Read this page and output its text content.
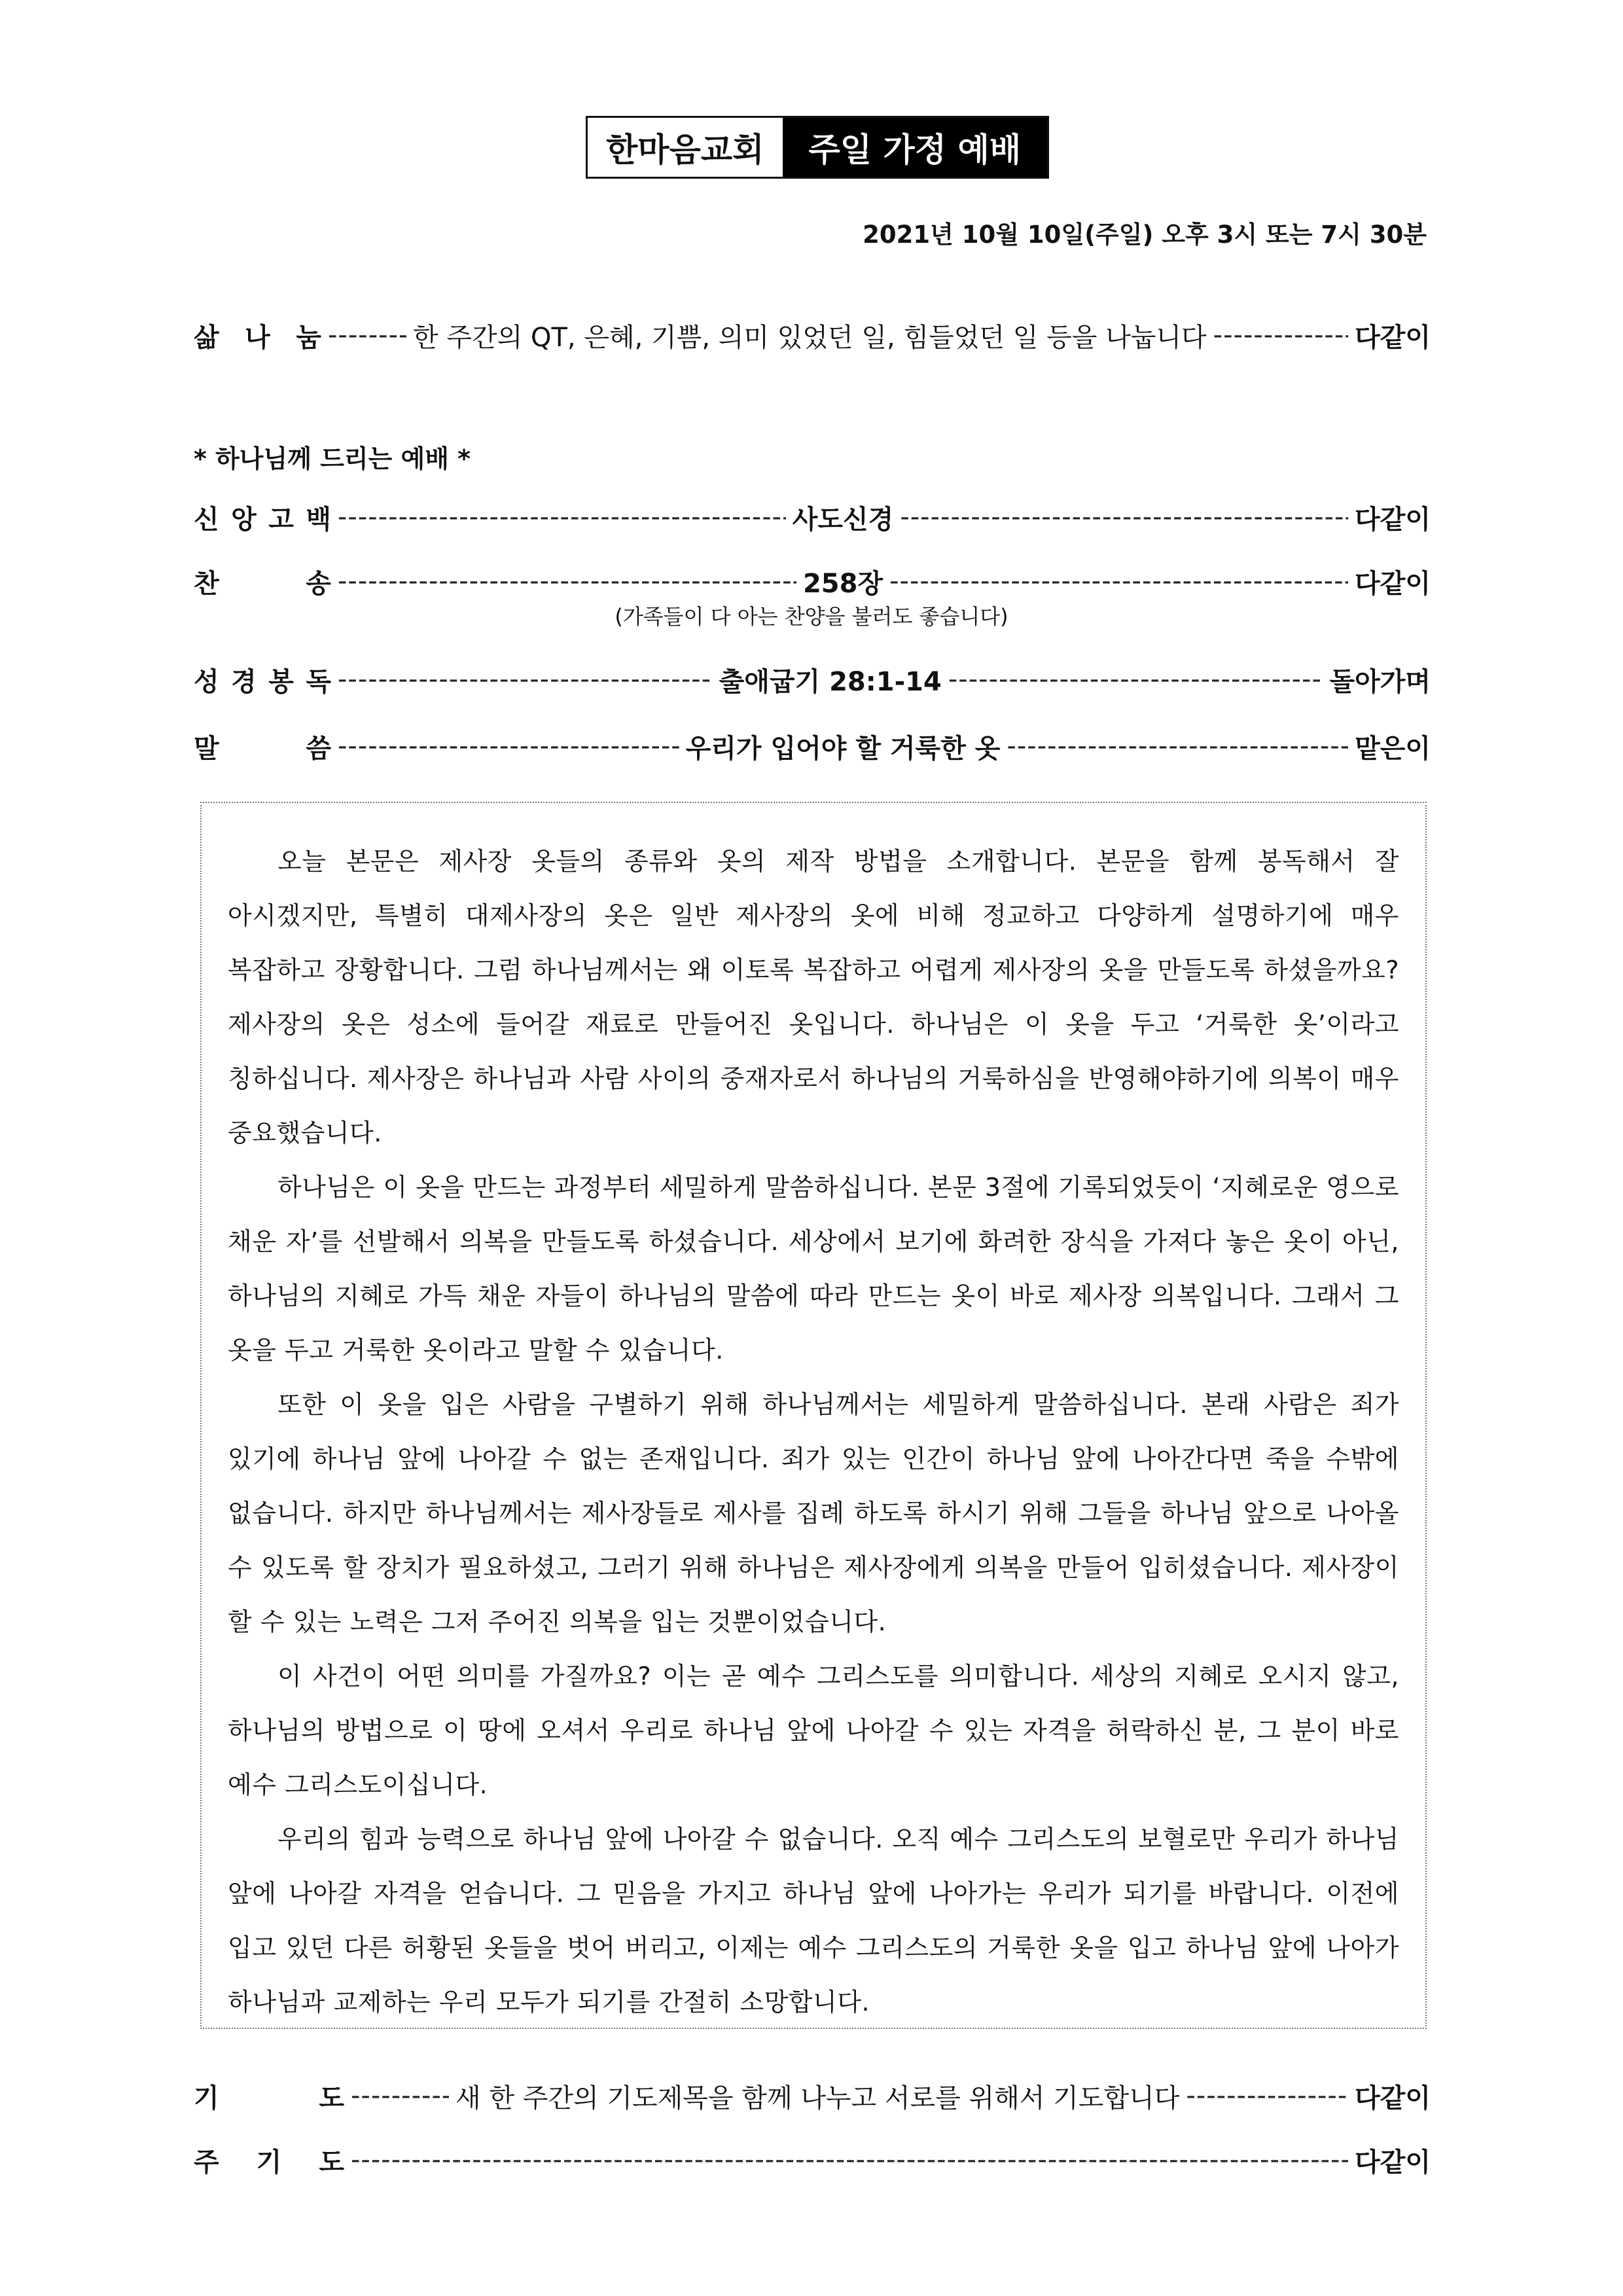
한마음교회	주일 가정 예배
2021년 10월 10일(주일) 오후 3시 또는 7시 30분
삶 나 눔 -----	한 주간의 QT, 은혜, 기쁨, 의미 있었던 일, 힘들었던 일 등을 나눕니다 -----	다같이
* 하나님께 드리는 예배 *
신 앙 고 백 -----	사도신경 -----	다같이
찬	송 -----	258장 -----	다같이
(가족들이 다 아는 찬양을 불러도 좋습니다)
성 경 봉 독 -----	출애굽기 28:1-14 -----	돌아가며
말	씀 -----	우리가 입어야 할 거룩한 옷 -----	맡은이

오늘 본문은 제사장 옷들의 종류와 옷의 제작 방법을 소개합니다. 본문을 함께 봉독해서 잘 아시겠지만, 특별히 대제사장의 옷은 일반 제사장의 옷에 비해 정교하고 다양하게 설명하기에 매우 복잡하고 장황합니다. 그럼 하나님께서는 왜 이토록 복잡하고 어렵게 제사장의 옷을 만들도록 하셨을까요? 제사장의 옷은 성소에 들어갈 재료로 만들어진 옷입니다. 하나님은 이 옷을 두고 ‘거룩한 옷’이라고 칭하십니다. 제사장은 하나님과 사람 사이의 중재자로서 하나님의 거룩하심을 반영해야하기에 의복이 매우 중요했습니다.

하나님은 이 옷을 만드는 과정부터 세밀하게 말씀하십니다. 본문 3절에 기록되었듯이 ‘지혜로운 영으로 채운 자’를 선발해서 의복을 만들도록 하셨습니다. 세상에서 보기에 화려한 장식을 가져다 놓은 옷이 아닌, 하나님의 지혜로 가득 채운 자들이 하나님의 말씀에 따라 만드는 옷이 바로 제사장 의복입니다. 그래서 그 옷을 두고 거룩한 옷이라고 말할 수 있습니다.

또한 이 옷을 입은 사람을 구별하기 위해 하나님께서는 세밀하게 말씀하십니다. 본래 사람은 죄가 있기에 하나님 앞에 나아갈 수 없는 존재입니다. 죄가 있는 인간이 하나님 앞에 나아간다면 죽을 수밖에 없습니다. 하지만 하나님께서는 제사장들로 제사를 집례 하도록 하시기 위해 그들을 하나님 앞으로 나아올 수 있도록 할 장치가 필요하셨고, 그러기 위해 하나님은 제사장에게 의복을 만들어 입히셨습니다. 제사장이 할 수 있는 노력은 그저 주어진 의복을 입는 것뿐이었습니다.

이 사건이 어떤 의미를 가질까요? 이는 곧 예수 그리스도를 의미합니다. 세상의 지혜로 오시지 않고, 하나님의 방법으로 이 땅에 오셔서 우리로 하나님 앞에 나아갈 수 있는 자격을 허락하신 분, 그 분이 바로 예수 그리스도이십니다.

우리의 힘과 능력으로 하나님 앞에 나아갈 수 없습니다. 오직 예수 그리스도의 보혈로만 우리가 하나님 앞에 나아갈 자격을 얻습니다. 그 믿음을 가지고 하나님 앞에 나아가는 우리가 되기를 바랍니다. 이전에 입고 있던 다른 허황된 옷들을 벗어 버리고, 이제는 예수 그리스도의 거룩한 옷을 입고 하나님 앞에 나아가 하나님과 교제하는 우리 모두가 되기를 간절히 소망합니다.

기	도 -----	새 한 주간의 기도제목을 함께 나누고 서로를 위해서 기도합니다 -----	다같이
주 기 도 -----	다같이
